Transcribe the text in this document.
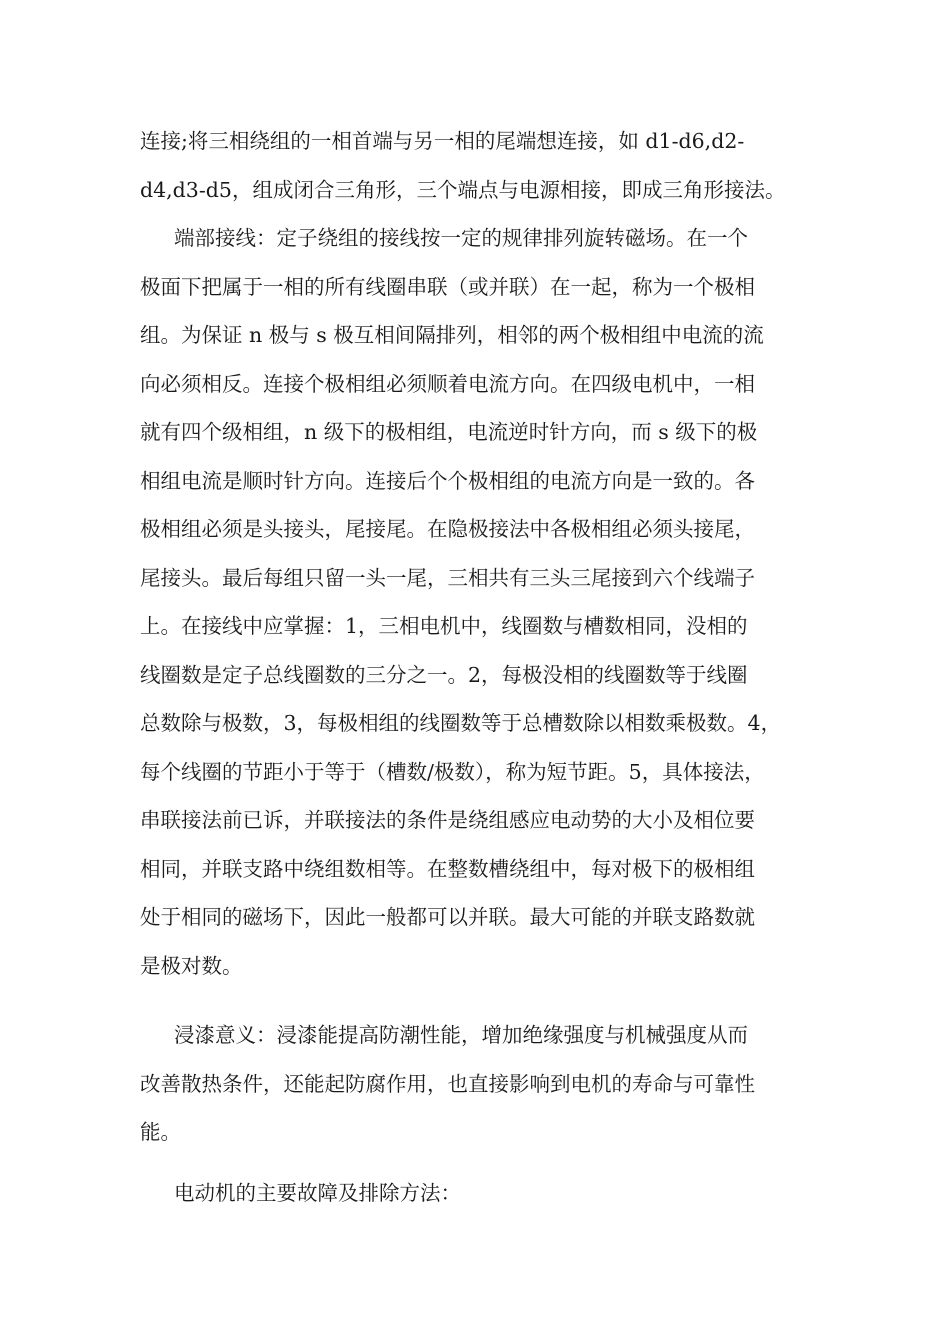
连接;将三相绕组的一相首端与另一相的尾端想连接，如 d1-d6,d2-
d4,d3-d5，组成闭合三角形，三个端点与电源相接，即成三角形接法。
端部接线：定子绕组的接线按一定的规律排列旋转磁场。在一个
极面下把属于一相的所有线圈串联（或并联）在一起，称为一个极相
组。为保证 n 极与 s 极互相间隔排列，相邻的两个极相组中电流的流
向必须相反。连接个极相组必须顺着电流方向。在四级电机中，一相
就有四个级相组，n 级下的极相组，电流逆时针方向，而 s 级下的极
相组电流是顺时针方向。连接后个个极相组的电流方向是一致的。各
极相组必须是头接头，尾接尾。在隐极接法中各极相组必须头接尾，
尾接头。最后每组只留一头一尾，三相共有三头三尾接到六个线端子
上。在接线中应掌握：1，三相电机中，线圈数与槽数相同，没相的
线圈数是定子总线圈数的三分之一。2，每极没相的线圈数等于线圈
总数除与极数，3，每极相组的线圈数等于总槽数除以相数乘极数。4，
每个线圈的节距小于等于（槽数/极数），称为短节距。5，具体接法，
串联接法前已诉，并联接法的条件是绕组感应电动势的大小及相位要
相同，并联支路中绕组数相等。在整数槽绕组中，每对极下的极相组
处于相同的磁场下，因此一般都可以并联。最大可能的并联支路数就
是极对数。
浸漆意义：浸漆能提高防潮性能，增加绝缘强度与机械强度从而
改善散热条件，还能起防腐作用，也直接影响到电机的寿命与可靠性
能。
电动机的主要故障及排除方法：
